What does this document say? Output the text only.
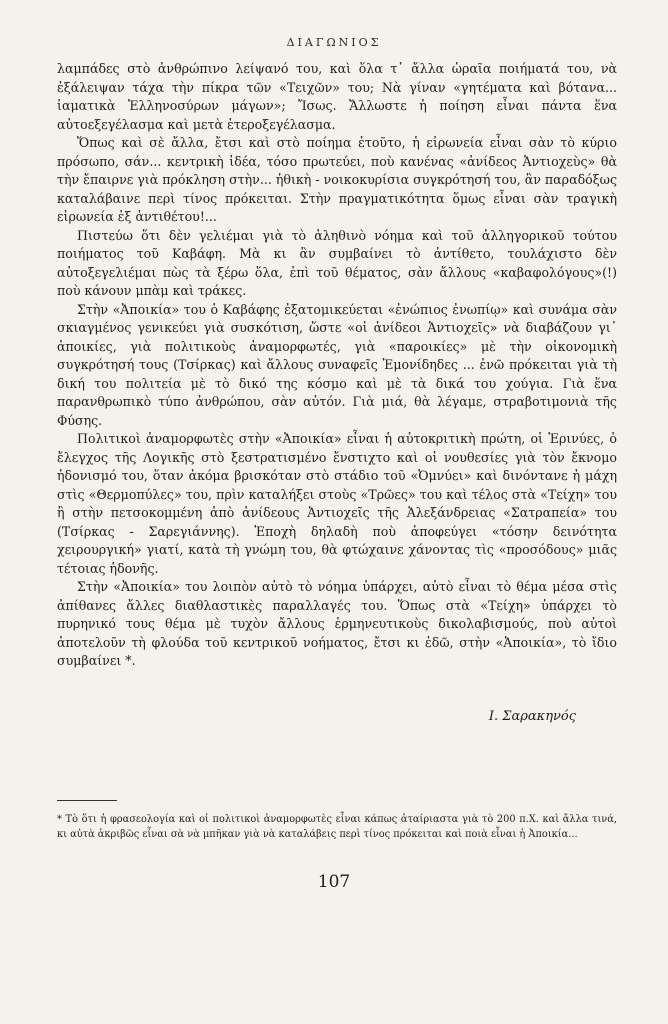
ΔΙΑΓΩΝΙΟΣ

λαμπάδες στὸ ἀνθρώπινο λείψανό του, καὶ ὅλα τ᾽ ἄλλα ὡραῖα ποιήματά του, νὰ ἐξάλειψαν τάχα τὴν πίκρα τῶν «Τειχῶν» του; Νὰ γίναν «γητέματα καὶ βότανα... ἰαματικὰ Ἑλληνοσύρων μάγων»; Ἴσως. Ἄλλωστε ἡ ποίηση εἶναι πάντα ἕνα αὐτοεξεγέλασμα καὶ μετὰ ἑτεροξεγέλασμα.

Ὅπως καὶ σὲ ἄλλα, ἔτσι καὶ στὸ ποίημα ἐτοῦτο, ἡ εἰρωνεία εἶναι σὰν τὸ κύριο πρόσωπο, σάν... κεντρικὴ ἰδέα, τόσο πρωτεύει, ποὺ κανένας «ἀνίδεος Ἀντιοχεὺς» θὰ τὴν ἔπαιρνε γιὰ πρόκληση στὴν... ἠθικὴ - νοικοκυρίσια συγκρότησή του, ἂν παραδόξως καταλάβαινε περὶ τίνος πρόκειται. Στὴν πραγματικότητα ὅμως εἶναι σὰν τραγικὴ εἰρωνεία ἐξ ἀντιθέτου!...

Πιστεύω ὅτι δὲν γελιέμαι γιὰ τὸ ἀληθινὸ νόημα καὶ τοῦ ἀλληγορικοῦ τούτου ποιήματος τοῦ Καβάφη. Μὰ κι ἂν συμβαίνει τὸ ἀντίθετο, τουλάχιστο δὲν αὐτοξεγελιέμαι πὼς τὰ ξέρω ὅλα, ἐπὶ τοῦ θέματος, σὰν ἄλλους «καβαφολόγους»(!) ποὺ κάνουν μπὰμ καὶ τράκες.

Στὴν «Ἀποικία» του ὁ Καβάφης ἐξατομικεύεται «ἐνώπιος ἐνωπίῳ» καὶ συνάμα σὰν σκιαγμένος γενικεύει γιὰ συσκότιση, ὥστε «οἱ ἀνίδεοι Ἀντιοχεῖς» νὰ διαβάζουν γι᾽ ἀποικίες, γιὰ πολιτικοὺς ἀναμορφωτές, γιὰ «παροικίες» μὲ τὴν οἰκονομικὴ συγκρότησή τους (Τσίρκας) καὶ ἄλλους συναφεῖς Ἐμονίδηδες ... ἐνῶ πρόκειται γιὰ τὴ δική του πολιτεία μὲ τὸ δικό της κόσμο καὶ μὲ τὰ δικά του χούγια. Γιὰ ἕνα παρανθρωπικὸ τύπο ἀνθρώπου, σὰν αὐτόν. Γιὰ μιά, θὰ λέγαμε, στραβοτιμονιὰ τῆς Φύσης.

Πολιτικοὶ ἀναμορφωτὲς στὴν «Ἀποικία» εἶναι ἡ αὐτοκριτικὴ πρώτη, οἱ Ἐρινύες, ὁ ἔλεγχος τῆς Λογικῆς στὸ ξεστρατισμένο ἔνστιχτο καὶ οἱ νουθεσίες γιὰ τὸν ἔκνομο ἡδονισμό του, ὅταν ἀκόμα βρισκόταν στὸ στάδιο τοῦ «Ὀμνύει» καὶ δινόντανε ἡ μάχη στὶς «Θερμοπύλες» του, πρὶν καταλήξει στοὺς «Τρῶες» του καὶ τέλος στὰ «Τείχη» του ἢ στὴν πετσοκομμένη ἀπὸ ἀνίδεους Ἀντιοχεῖς τῆς Ἀλεξάνδρειας «Σατραπεία» του (Τσίρκας - Σαρεγιάννης). Ἐποχὴ δηλαδὴ ποὺ ἀποφεύγει «τόσην δεινότητα χειρουργική» γιατί, κατὰ τὴ γνώμη του, θὰ φτώχαινε χάνοντας τὶς «προσόδους» μιᾶς τέτοιας ἡδονῆς.

Στὴν «Ἀποικία» του λοιπὸν αὐτὸ τὸ νόημα ὑπάρχει, αὐτὸ εἶναι τὸ θέμα μέσα στὶς ἀπίθανες ἄλλες διαθλαστικὲς παραλλαγές του. Ὅπως στὰ «Τείχη» ὑπάρχει τὸ πυρηνικό τους θέμα μὲ τυχὸν ἄλλους ἑρμηνευτικοὺς δικολαβισμούς, ποὺ αὐτοὶ ἀποτελοῦν τὴ φλούδα τοῦ κεντρικοῦ νοήματος, ἔτσι κι ἐδῶ, στὴν «Ἀποικία», τὸ ἴδιο συμβαίνει *.

Ι. Σαρακηνός
* Τὸ ὅτι ἡ φρασεολογία καὶ οἱ πολιτικοὶ ἀναμορφωτὲς εἶναι κάπως ἀταίριαστα γιὰ τὸ 200 π.Χ. καὶ ἄλλα τινά, κι αὐτὰ ἀκριβῶς εἶναι σὰ νὰ μπῆκαν γιὰ νὰ καταλάβεις περὶ τίνος πρόκειται καὶ ποιὰ εἶναι ἡ Ἀποικία...
107
